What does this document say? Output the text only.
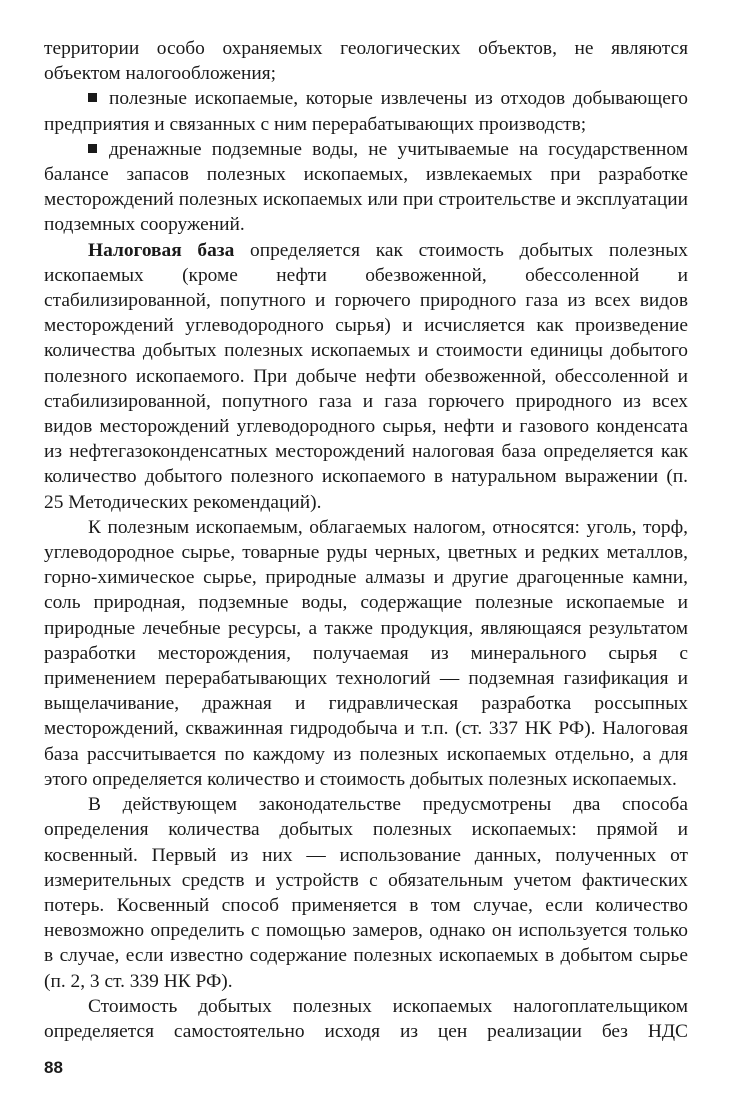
территории особо охраняемых геологических объектов, не являются объектом налогообложения;

полезные ископаемые, которые извлечены из отходов добывающего предприятия и связанных с ним перерабатывающих производств;

дренажные подземные воды, не учитываемые на государственном балансе запасов полезных ископаемых, извлекаемых при разработке месторождений полезных ископаемых или при строительстве и эксплуатации подземных сооружений.

Налоговая база определяется как стоимость добытых полезных ископаемых (кроме нефти обезвоженной, обессоленной и стабилизированной, попутного и горючего природного газа из всех видов месторождений углеводородного сырья) и исчисляется как произведение количества добытых полезных ископаемых и стоимости единицы добытого полезного ископаемого. При добыче нефти обезвоженной, обессоленной и стабилизированной, попутного газа и газа горючего природного из всех видов месторождений углеводородного сырья, нефти и газового конденсата из нефтегазоконденсатных месторождений налоговая база определяется как количество добытого полезного ископаемого в натуральном выражении (п. 25 Методических рекомендаций).

К полезным ископаемым, облагаемых налогом, относятся: уголь, торф, углеводородное сырье, товарные руды черных, цветных и редких металлов, горно-химическое сырье, природные алмазы и другие драгоценные камни, соль природная, подземные воды, содержащие полезные ископаемые и природные лечебные ресурсы, а также продукция, являющаяся результатом разработки месторождения, получаемая из минерального сырья с применением перерабатывающих технологий — подземная газификация и выщелачивание, дражная и гидравлическая разработка россыпных месторождений, скважинная гидродобыча и т.п. (ст. 337 НК РФ). Налоговая база рассчитывается по каждому из полезных ископаемых отдельно, а для этого определяется количество и стоимость добытых полезных ископаемых.

В действующем законодательстве предусмотрены два способа определения количества добытых полезных ископаемых: прямой и косвенный. Первый из них — использование данных, полученных от измерительных средств и устройств с обязательным учетом фактических потерь. Косвенный способ применяется в том случае, если количество невозможно определить с помощью замеров, однако он используется только в случае, если известно содержание полезных ископаемых в добытом сырье (п. 2, 3 ст. 339 НК РФ).

Стоимость добытых полезных ископаемых налогоплательщиком определяется самостоятельно исходя из цен реализации без НДС

88
